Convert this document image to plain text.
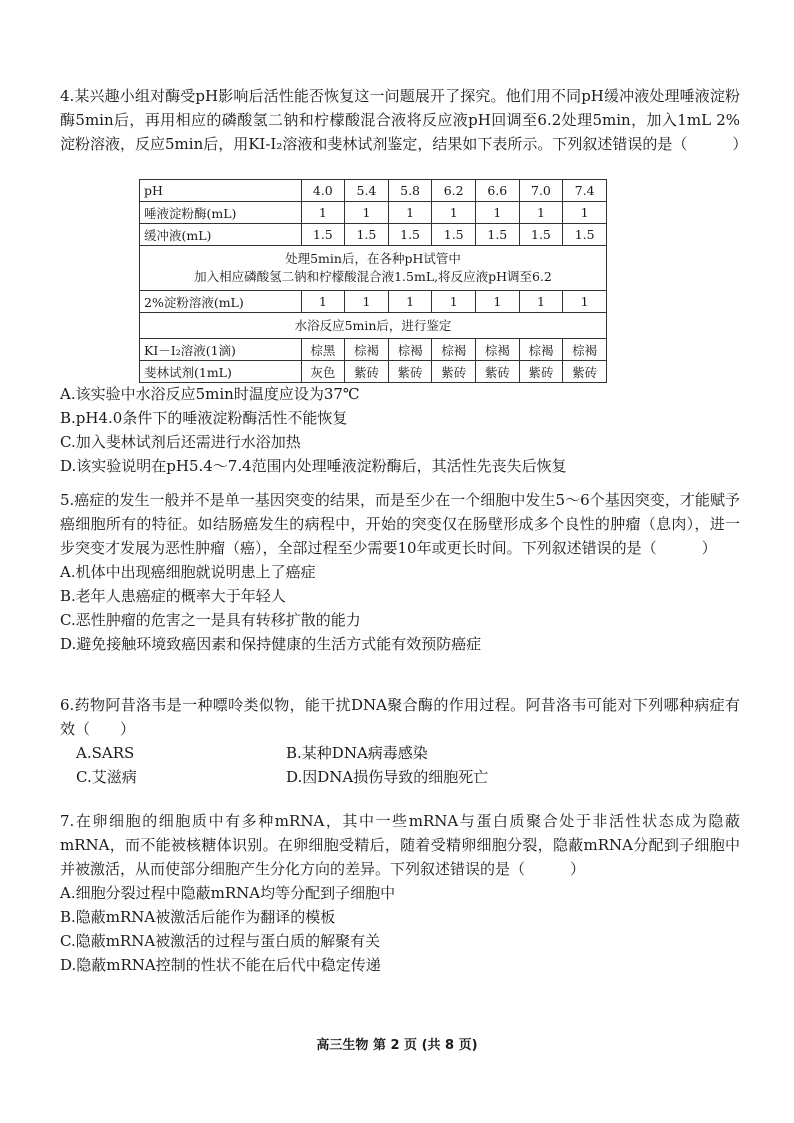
4.某兴趣小组对酶受pH影响后活性能否恢复这一问题展开了探究。他们用不同pH缓冲液处理唾液淀粉酶5min后，再用相应的磷酸氢二钠和柠檬酸混合液将反应液pH回调至6.2处理5min，加入1mL 2%淀粉溶液，反应5min后，用KI-I₂溶液和斐林试剂鉴定，结果如下表所示。下列叙述错误的是（　　　）

pH	4.0	5.4	5.8	6.2	6.6	7.0	7.4
唾液淀粉酶(mL)	1	1	1	1	1	1	1
缓冲液(mL)	1.5	1.5	1.5	1.5	1.5	1.5	1.5

处理5min后，在各种pH试管中
加入相应磷酸氢二钠和柠檬酸混合液1.5mL,将反应液pH调至6.2							

2%淀粉溶液(mL)	1	1	1	1	1	1	1
水浴反应5min后，进行鉴定							
KI－I₂溶液(1滴)	棕黑	棕褐	棕褐	棕褐	棕褐	棕褐	棕褐
斐林试剂(1mL)	灰色	紫砖	紫砖	紫砖	紫砖	紫砖	紫砖

A.该实验中水浴反应5min时温度应设为37℃

B.pH4.0条件下的唾液淀粉酶活性不能恢复

C.加入斐林试剂后还需进行水浴加热

D.该实验说明在pH5.4～7.4范围内处理唾液淀粉酶后，其活性先丧失后恢复

5.癌症的发生一般并不是单一基因突变的结果，而是至少在一个细胞中发生5～6个基因突变，才能赋予癌细胞所有的特征。如结肠癌发生的病程中，开始的突变仅在肠壁形成多个良性的肿瘤（息肉），进一步突变才发展为恶性肿瘤（癌），全部过程至少需要10年或更长时间。下列叙述错误的是（　　　）

A.机体中出现癌细胞就说明患上了癌症

B.老年人患癌症的概率大于年轻人

C.恶性肿瘤的危害之一是具有转移扩散的能力

D.避免接触环境致癌因素和保持健康的生活方式能有效预防癌症

6.药物阿昔洛韦是一种嘌呤类似物，能干扰DNA聚合酶的作用过程。阿昔洛韦可能对下列哪种病症有效（　　）

A.SARS	B.某种DNA病毒感染
C.艾滋病	D.因DNA损伤导致的细胞死亡

7.在卵细胞的细胞质中有多种mRNA，其中一些mRNA与蛋白质聚合处于非活性状态成为隐蔽mRNA，而不能被核糖体识别。在卵细胞受精后，随着受精卵细胞分裂，隐蔽mRNA分配到子细胞中并被激活，从而使部分细胞产生分化方向的差异。下列叙述错误的是（　　　）

A.细胞分裂过程中隐蔽mRNA均等分配到子细胞中

B.隐蔽mRNA被激活后能作为翻译的模板

C.隐蔽mRNA被激活的过程与蛋白质的解聚有关

D.隐蔽mRNA控制的性状不能在后代中稳定传递

高三生物 第 2 页 (共 8 页)
